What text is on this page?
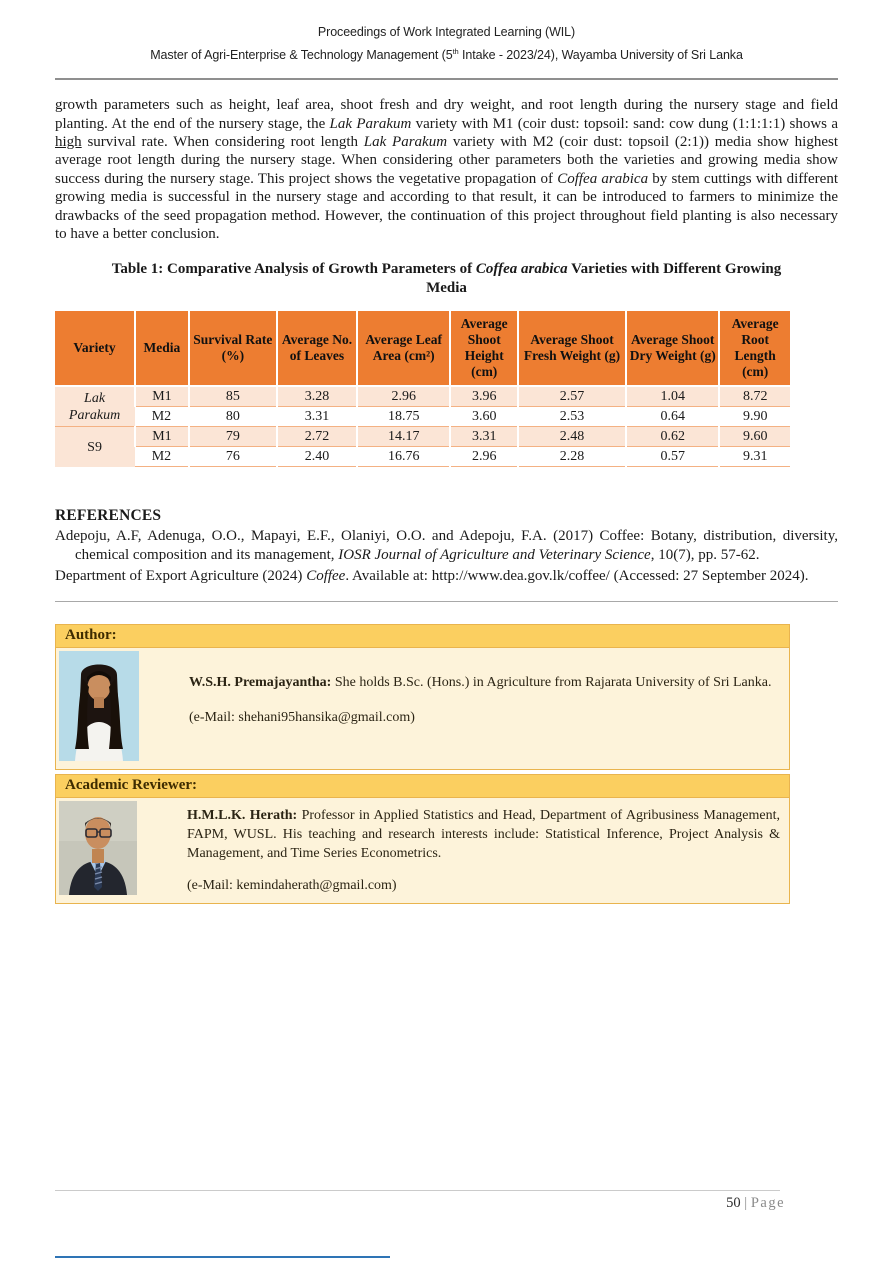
Proceedings of Work Integrated Learning (WIL)
Master of Agri-Enterprise & Technology Management (5th Intake - 2023/24), Wayamba University of Sri Lanka

growth parameters such as height, leaf area, shoot fresh and dry weight, and root length during the nursery stage and field planting. At the end of the nursery stage, the Lak Parakum variety with M1 (coir dust: topsoil: sand: cow dung (1:1:1:1) shows a high survival rate. When considering root length Lak Parakum variety with M2 (coir dust: topsoil (2:1)) media show highest average root length during the nursery stage. When considering other parameters both the varieties and growing media show success during the nursery stage. This project shows the vegetative propagation of Coffea arabica by stem cuttings with different growing media is successful in the nursery stage and according to that result, it can be introduced to farmers to minimize the drawbacks of the seed propagation method. However, the continuation of this project throughout field planting is also necessary to have a better conclusion.

Table 1: Comparative Analysis of Growth Parameters of Coffea arabica Varieties with Different Growing Media
Variety	Media	Survival Rate (%)	Average No. of Leaves	Average Leaf Area (cm²)	Average Shoot Height (cm)	Average Shoot Fresh Weight (g)	Average Shoot Dry Weight (g)	Average Root Length (cm)
Lak Parakum	M1	85	3.28	2.96	3.96	2.57	1.04	8.72
	M2	80	3.31	18.75	3.60	2.53	0.64	9.90
S9	M1	79	2.72	14.17	3.31	2.48	0.62	9.60
	M2	76	2.40	16.76	2.96	2.28	0.57	9.31
REFERENCES

Adepoju, A.F, Adenuga, O.O., Mapayi, E.F., Olaniyi, O.O. and Adepoju, F.A. (2017) Coffee: Botany, distribution, diversity, chemical composition and its management, IOSR Journal of Agriculture and Veterinary Science, 10(7), pp. 57-62.

Department of Export Agriculture (2024) Coffee. Available at: http://www.dea.gov.lk/coffee/ (Accessed: 27 September 2024).

Author:
W.S.H. Premajayantha: She holds B.Sc. (Hons.) in Agriculture from Rajarata University of Sri Lanka.
(e-Mail: shehani95hansika@gmail.com)
Academic Reviewer:
H.M.L.K. Herath: Professor in Applied Statistics and Head, Department of Agribusiness Management, FAPM, WUSL. His teaching and research interests include: Statistical Inference, Project Analysis & Management, and Time Series Econometrics.
(e-Mail: kemindaherath@gmail.com)
50 | Page
